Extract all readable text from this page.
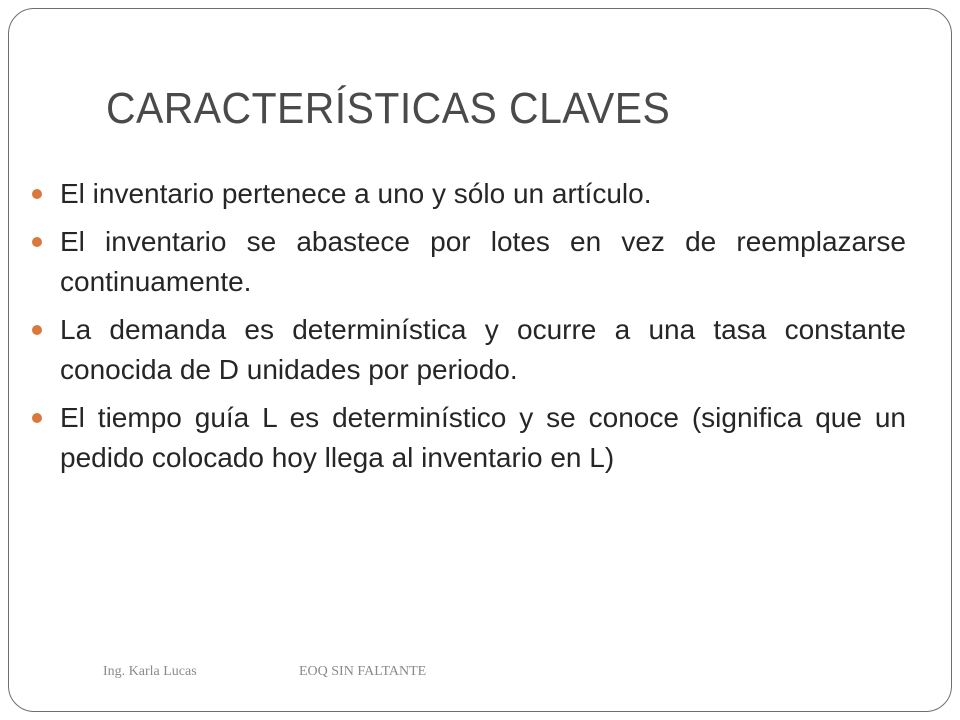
CARACTERÍSTICAS CLAVES
El inventario pertenece a uno y sólo un artículo.
El inventario se abastece por lotes en vez de reemplazarse continuamente.
La demanda es determinística y ocurre a una tasa constante conocida de D unidades por periodo.
El tiempo guía L es determinístico y se conoce (significa que un pedido colocado hoy llega al inventario en L)
Ing. Karla Lucas	EOQ SIN FALTANTE
